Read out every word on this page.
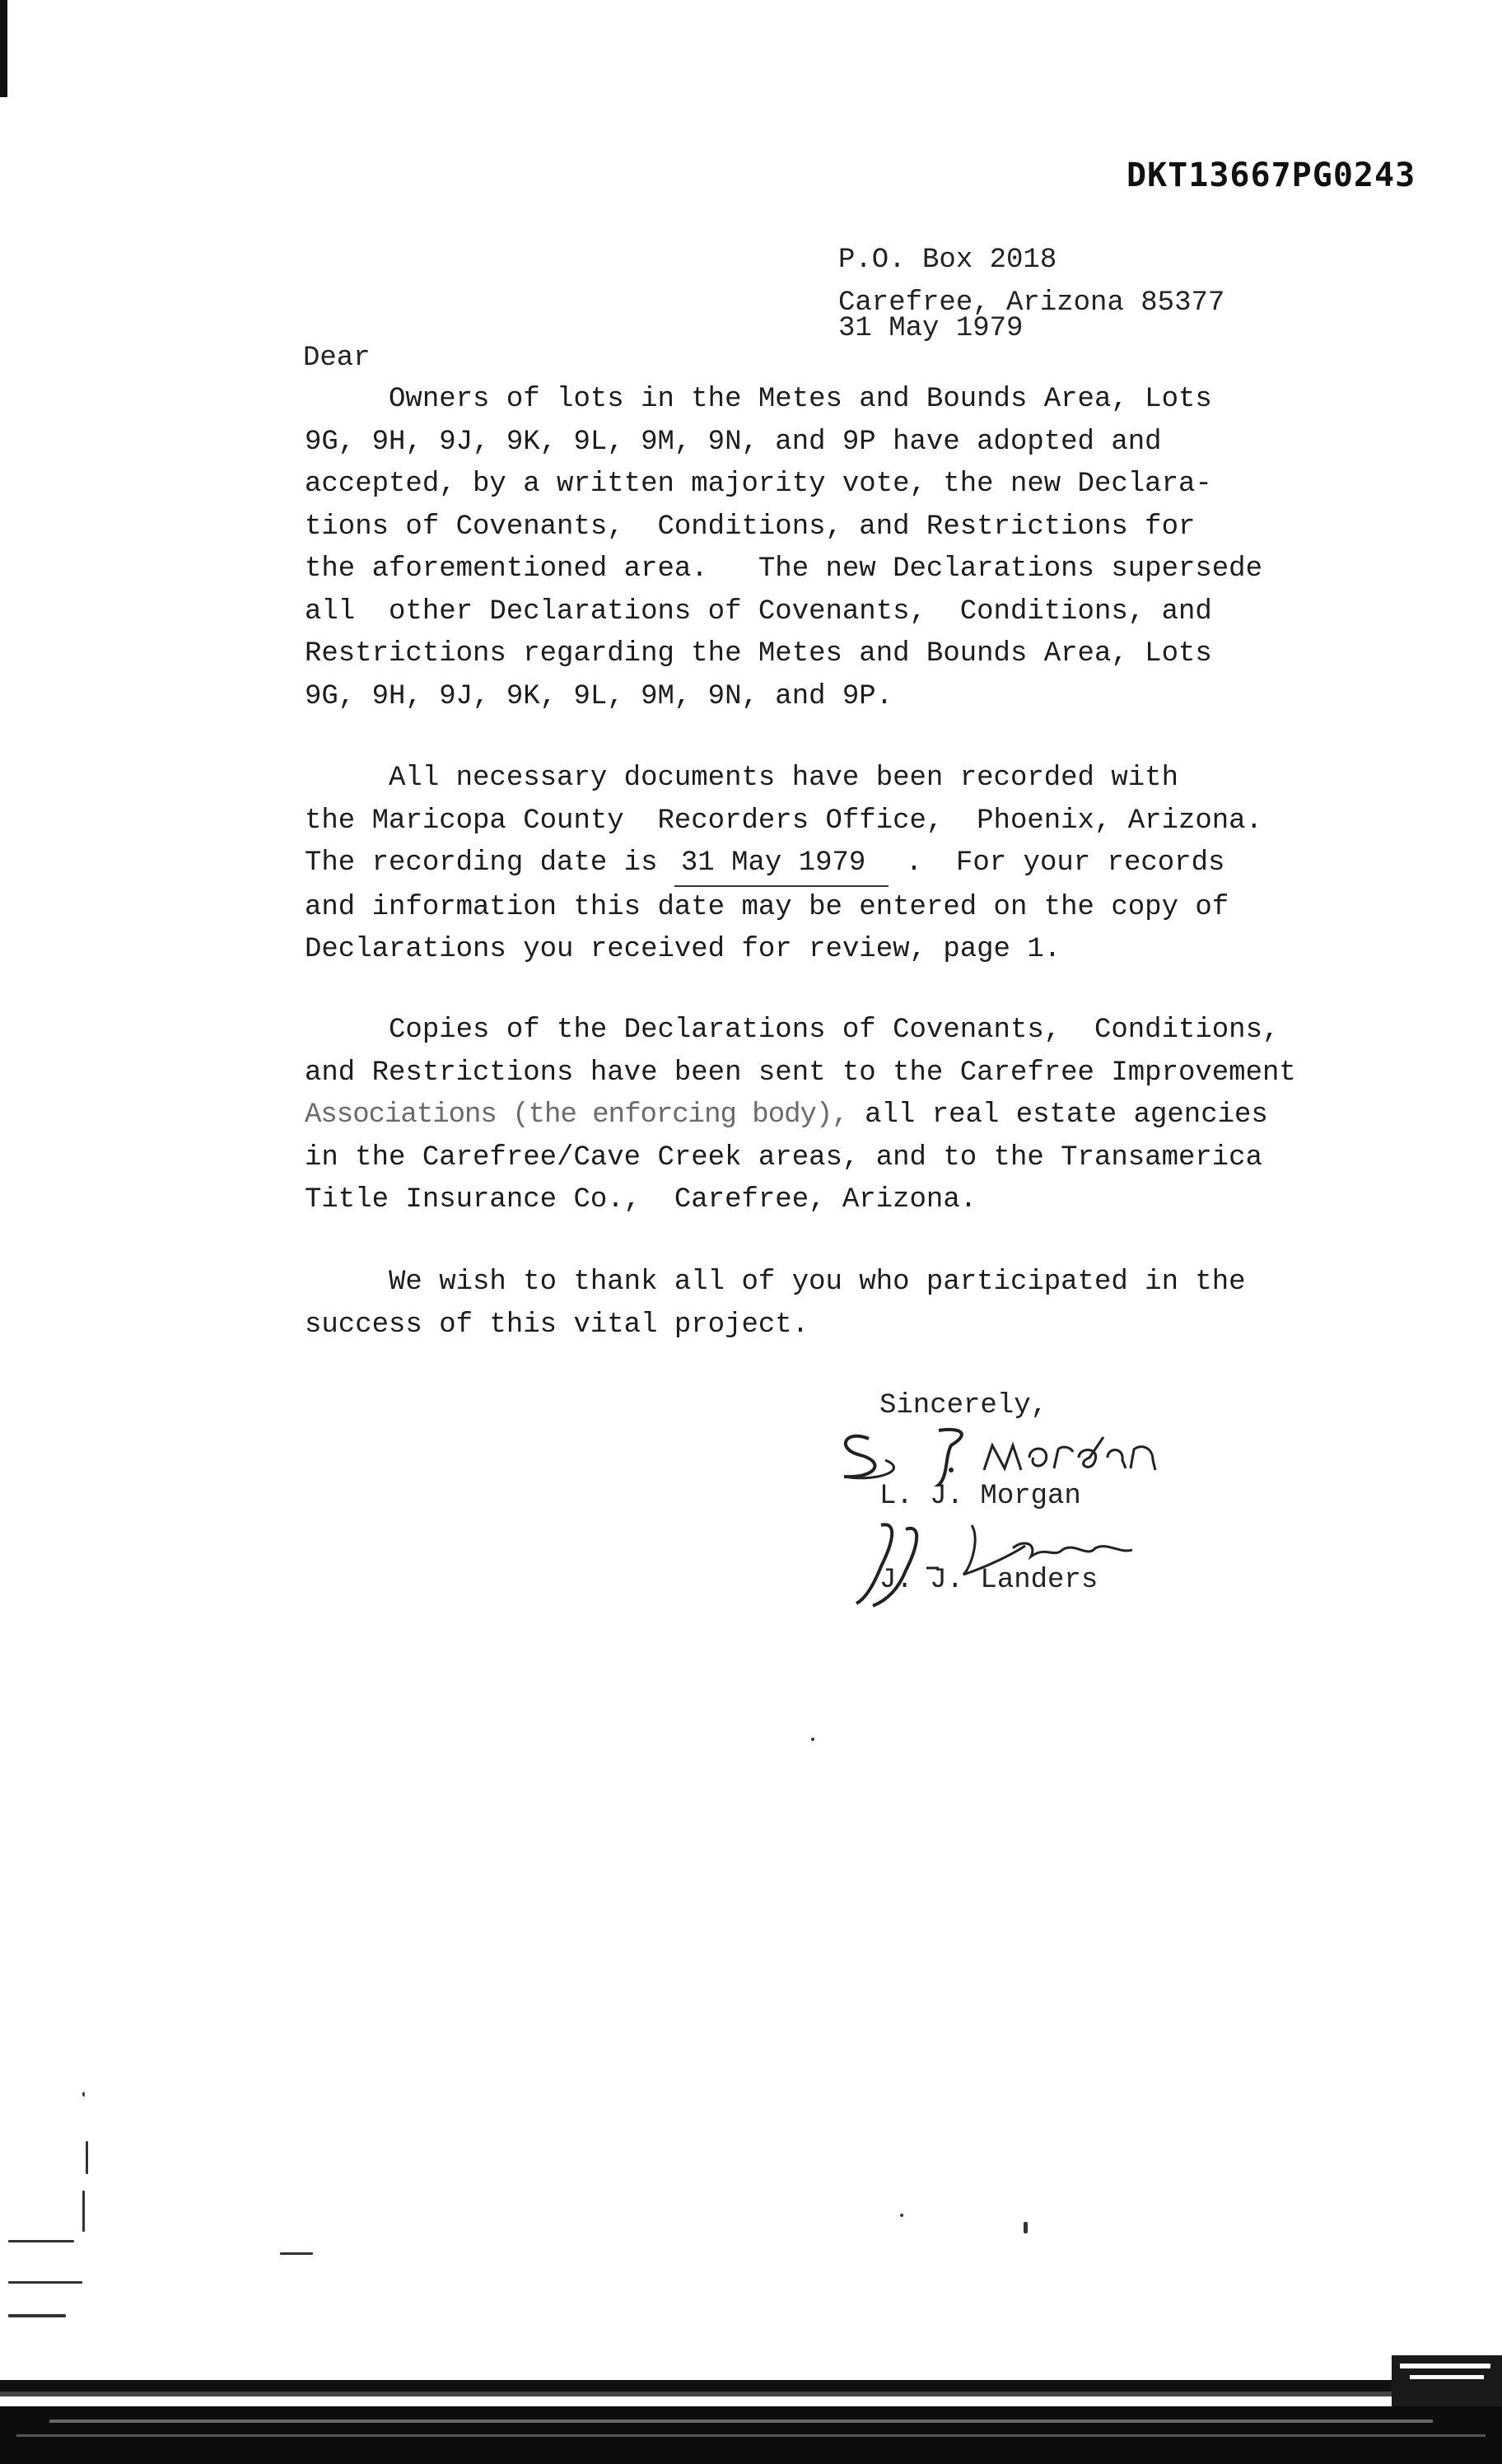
DKT13667PG0243
P.O. Box 2018
Carefree, Arizona 85377
31 May 1979
Dear
Owners of lots in the Metes and Bounds Area, Lots
9G, 9H, 9J, 9K, 9L, 9M, 9N, and 9P have adopted and
accepted, by a written majority vote, the new Declara-
tions of Covenants,  Conditions, and Restrictions for
the aforementioned area.   The new Declarations supersede
all  other Declarations of Covenants,  Conditions, and
Restrictions regarding the Metes and Bounds Area, Lots
9G, 9H, 9J, 9K, 9L, 9M, 9N, and 9P.
All necessary documents have been recorded with
the Maricopa County  Recorders Office,  Phoenix, Arizona.
The recording date is 31 May 1979 .  For your records
and information this date may be entered on the copy of
Declarations you received for review, page 1.
Copies of the Declarations of Covenants,  Conditions,
and Restrictions have been sent to the Carefree Improvement
Associations (the enforcing body), all real estate agencies
in the Carefree/Cave Creek areas, and to the Transamerica
Title Insurance Co.,  Carefree, Arizona.
We wish to thank all of you who participated in the
success of this vital project.
Sincerely,
L. J. Morgan
J. J. Landers
